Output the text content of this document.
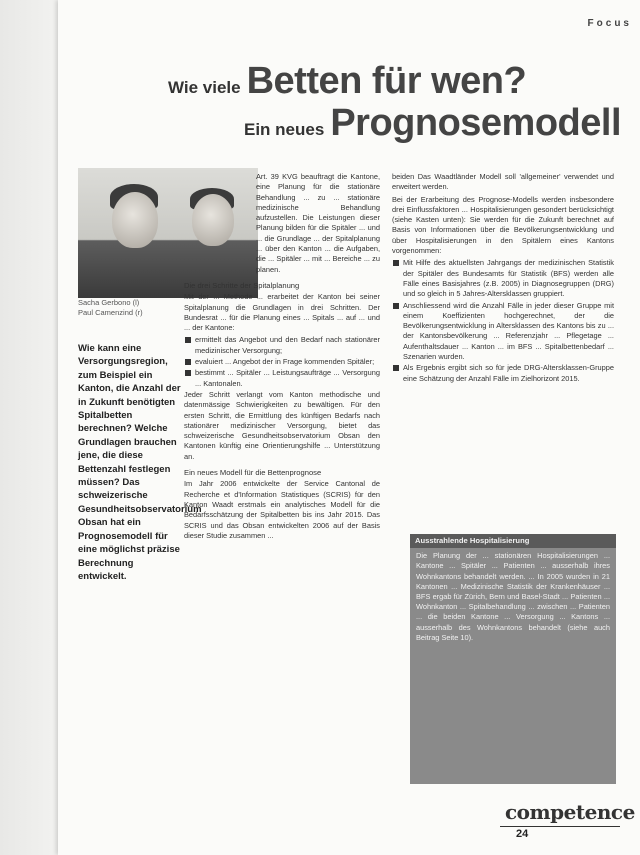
Focus
Wie viele Betten für wen?
Ein neues Prognosemodell
Sacha Gerbono (l)
Paul Camenzind (r)
Wie kann eine Versorgungsregion, zum Beispiel ein Kanton, die Anzahl der in Zukunft benötigten Spitalbetten berechnen? Welche Grundlagen brauchen jene, die diese Bettenzahl festlegen müssen? Das schweizerische Gesundheitsobservatorium Obsan hat ein Prognosemodell für eine möglichst präzise Berechnung entwickelt.

Art. 39 KVG beauftragt die Kantone, eine Planung für die stationäre Behandlung ... zu ... stationäre medizinische Behandlung aufzustellen. Die Leistungen dieser Planung bilden für die Spitäler ... und ... die Grundlage ... der Spitalplanung ... über den Kanton ... die Aufgaben, die ... Spitäler ... mit ... Bereiche ... zu planen.

Die drei Schritte der Spitalplanung

Mit der ... Methode ... erarbeitet der Kanton bei seiner Spitalplanung die Grundlagen in drei Schritten. Der Bundesrat ... für die Planung eines ... Spitals ... auf ... und ... der Kantone:

ermittelt das Angebot und den Bedarf nach stationärer medizinischer Versorgung;
evaluiert ... Angebot der in Frage kommenden Spitäler;
bestimmt ... Spitäler ... Leistungsaufträge ... Versorgung ... Kantonalen.

Jeder Schritt verlangt vom Kanton methodische und datenmässige Schwierigkeiten zu bewältigen. Für den ersten Schritt, die Ermittlung des künftigen Bedarfs nach stationärer medizinischer Versorgung, bietet das schweizerische Gesundheitsobservatorium Obsan den Kantonen künftig eine Orientierungshilfe ... Unterstützung an.

Ein neues Modell für die Bettenprognose

Im Jahr 2006 entwickelte der Service Cantonal de Recherche et d'Information Statistiques (SCRIS) für den Kanton Waadt erstmals ein analytisches Modell für die Bedarfsschätzung der Spitalbetten bis ins Jahr 2015. Das SCRIS und das Obsan entwickelten 2006 auf der Basis dieser Studie zusammen ...

beiden Das Waadtländer Modell soll 'allgemeiner' verwendet und erweitert werden.

Bei der Erarbeitung des Prognose-Modells werden insbesondere drei Einflussfaktoren ... Hospitalisierungen gesondert berücksichtigt (siehe Kasten unten): Sie werden für die Zukunft berechnet auf Basis von Informationen über die Bevölkerungsentwicklung und über Hospitalisierungen in den Spitälern eines Kantons vorgenommen:

Mit Hilfe des aktuellsten Jahrgangs der medizinischen Statistik der Spitäler des Bundesamts für Statistik (BFS) werden alle Fälle eines Basisjahres (z.B. 2005) in Diagnosegruppen (DRG) und so gleich in 5 Jahres-Altersklassen gruppiert.
Anschliessend wird die Anzahl Fälle in jeder dieser Gruppe mit einem Koeffizienten hochgerechnet, der die Bevölkerungsentwicklung in Altersklassen des Kantons bis zu ... der Kantonsbevölkerung ... Referenzjahr ... Pflegetage ... Aufenthaltsdauer ... Kanton ... im BFS ... Spitalbettenbedarf ... Szenarien wurden.
Als Ergebnis ergibt sich so für jede DRG-Altersklassen-Gruppe eine Schätzung der Anzahl Fälle im Zielhorizont 2015.
Ausstrahlende Hospitalisierung
Die Planung der ... stationären Hospitalisierungen ... Kantone ... Spitäler ... Patienten ... ausserhalb ihres Wohnkantons behandelt werden. ... In 2005 wurden in 21 Kantonen ... Medizinische Statistik der Krankenhäuser ... BFS ergab für Zürich, Bern und Basel-Stadt ... Patienten ... Wohnkanton ... Spitalbehandlung ... zwischen ... Patienten ... die beiden Kantone ... Versorgung ... Kantons ... ausserhalb des Wohnkantons behandelt (siehe auch Beitrag Seite 10).
competence
24
